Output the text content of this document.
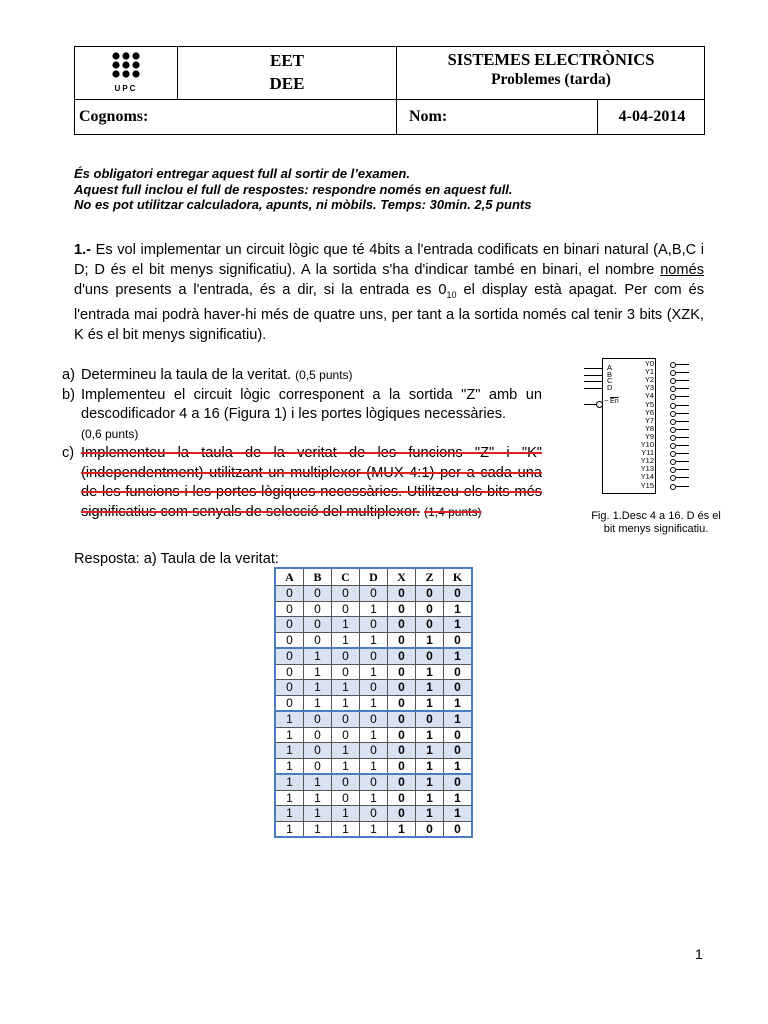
UPC
EET
DEE
SISTEMES ELECTRÒNICS
Problemes (tarda)
Cognoms:	Nom:	4-04-2014
És obligatori entregar aquest full al sortir de l’examen.
Aquest full inclou el full de respostes: respondre només en aquest full.
No es pot utilitzar calculadora, apunts, ni mòbils. Temps: 30min. 2,5 punts
1.- Es vol implementar un circuit lògic que té 4bits a l'entrada codificats en binari natural (A,B,C i D; D és el bit menys significatiu). A la sortida s'ha d'indicar també en binari, el nombre només d'uns presents a l'entrada, és a dir, si la entrada es $0_{10}$ el display està apagat. Per com és l'entrada mai podrà haver-hi més de quatre uns, per tant a la sortida només cal tenir 3 bits (XZK, K és el bit menys significatiu).
a) Determineu la taula de la veritat. (0,5 punts)
b) Implementeu el circuit lògic corresponent a la sortida "Z" amb un descodificador 4 a 16 (Figura 1) i les portes lògiques necessàries.
(0,6 punts)
c) Implementeu la taula de la veritat de les funcions "Z" i "K" (independentment) utilitzant un multiplexor (MUX 4:1) per a cada una de les funcions i les portes lògiques necessàries. Utilitzeu els bits més significatius com senyals de selecció del multiplexor. (1,4 punts)
A
B
C
D
Y0
Y1
Y2
Y3
Y4
Y5
Y6
Y7
Y8
Y9
Y10
Y11
Y12
Y13
Y14
Y15
~ $\overline{En}$
Fig. 1.Desc 4 a 16. D és el bit menys significatiu.
Resposta: a) Taula de la veritat:
A	B	C	D	X	Z	K
0	0	0	0	0	0	0
0	0	0	1	0	0	1
0	0	1	0	0	0	1
0	0	1	1	0	1	0
0	1	0	0	0	0	1
0	1	0	1	0	1	0
0	1	1	0	0	1	0
0	1	1	1	0	1	1
1	0	0	0	0	0	1
1	0	0	1	0	1	0
1	0	1	0	0	1	0
1	0	1	1	0	1	1
1	1	0	0	0	1	0
1	1	0	1	0	1	1
1	1	1	0	0	1	1
1	1	1	1	1	0	0
1
